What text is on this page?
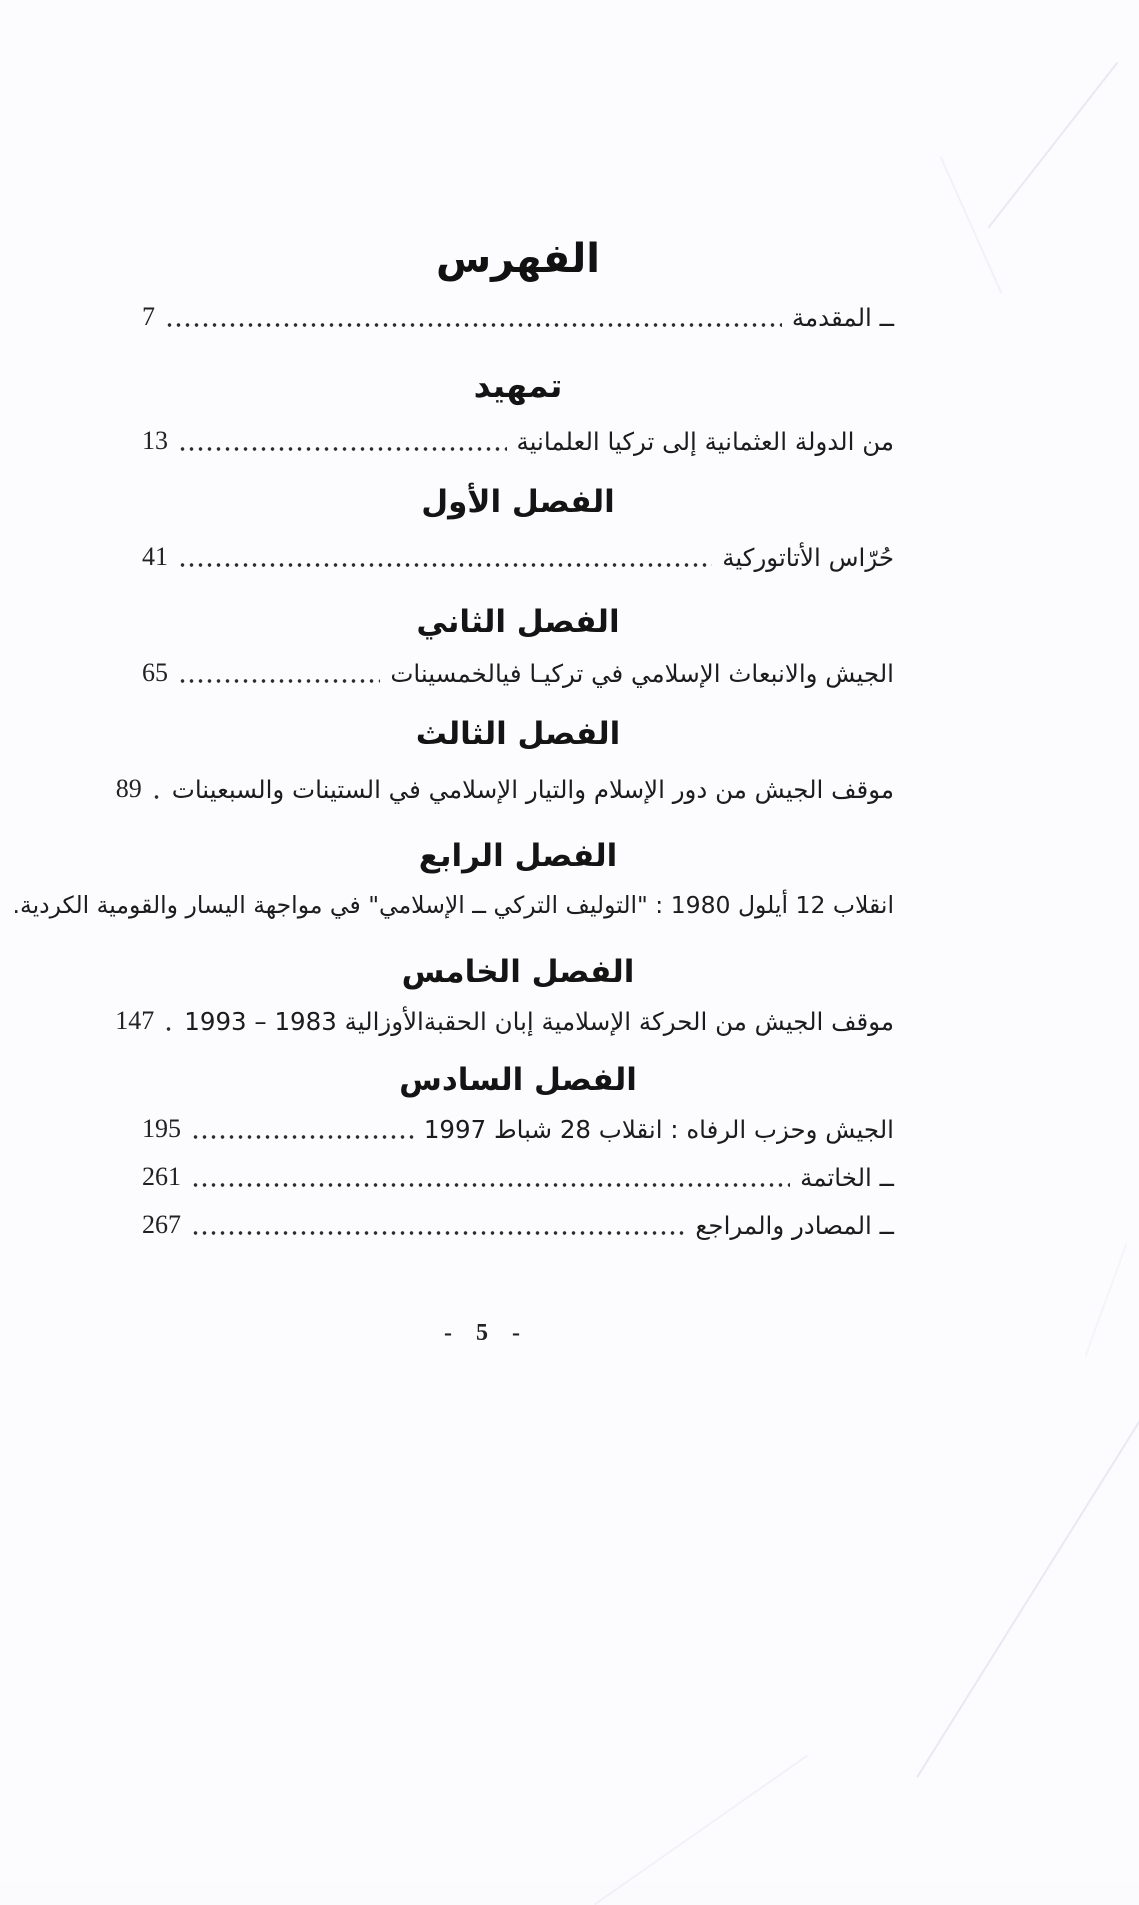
الفهرس
ــ المقدمة
7
تمهيد
من الدولة العثمانية إلى تركيا العلمانية
13
الفصل الأول
حُرّاس الأتاتوركية
41
الفصل الثاني
الجيش والانبعاث الإسلامي في تركيـا فيالخمسينات
65
الفصل الثالث
موقف الجيش من دور الإسلام والتيار الإسلامي في الستينات والسبعينات
89
الفصل الرابع
انقلاب 12 أيلول 1980 : "التوليف التركي ــ الإسلامي" في مواجهة اليسار والقومية الكردية.
الفصل الخامس
موقف الجيش من الحركة الإسلامية إبان الحقبةالأوزالية 1983 – 1993
147
الفصل السادس
الجيش وحزب الرفاه : انقلاب 28 شباط 1997
195
ــ الخاتمة
261
ــ المصادر والمراجع
267
- 5 -
